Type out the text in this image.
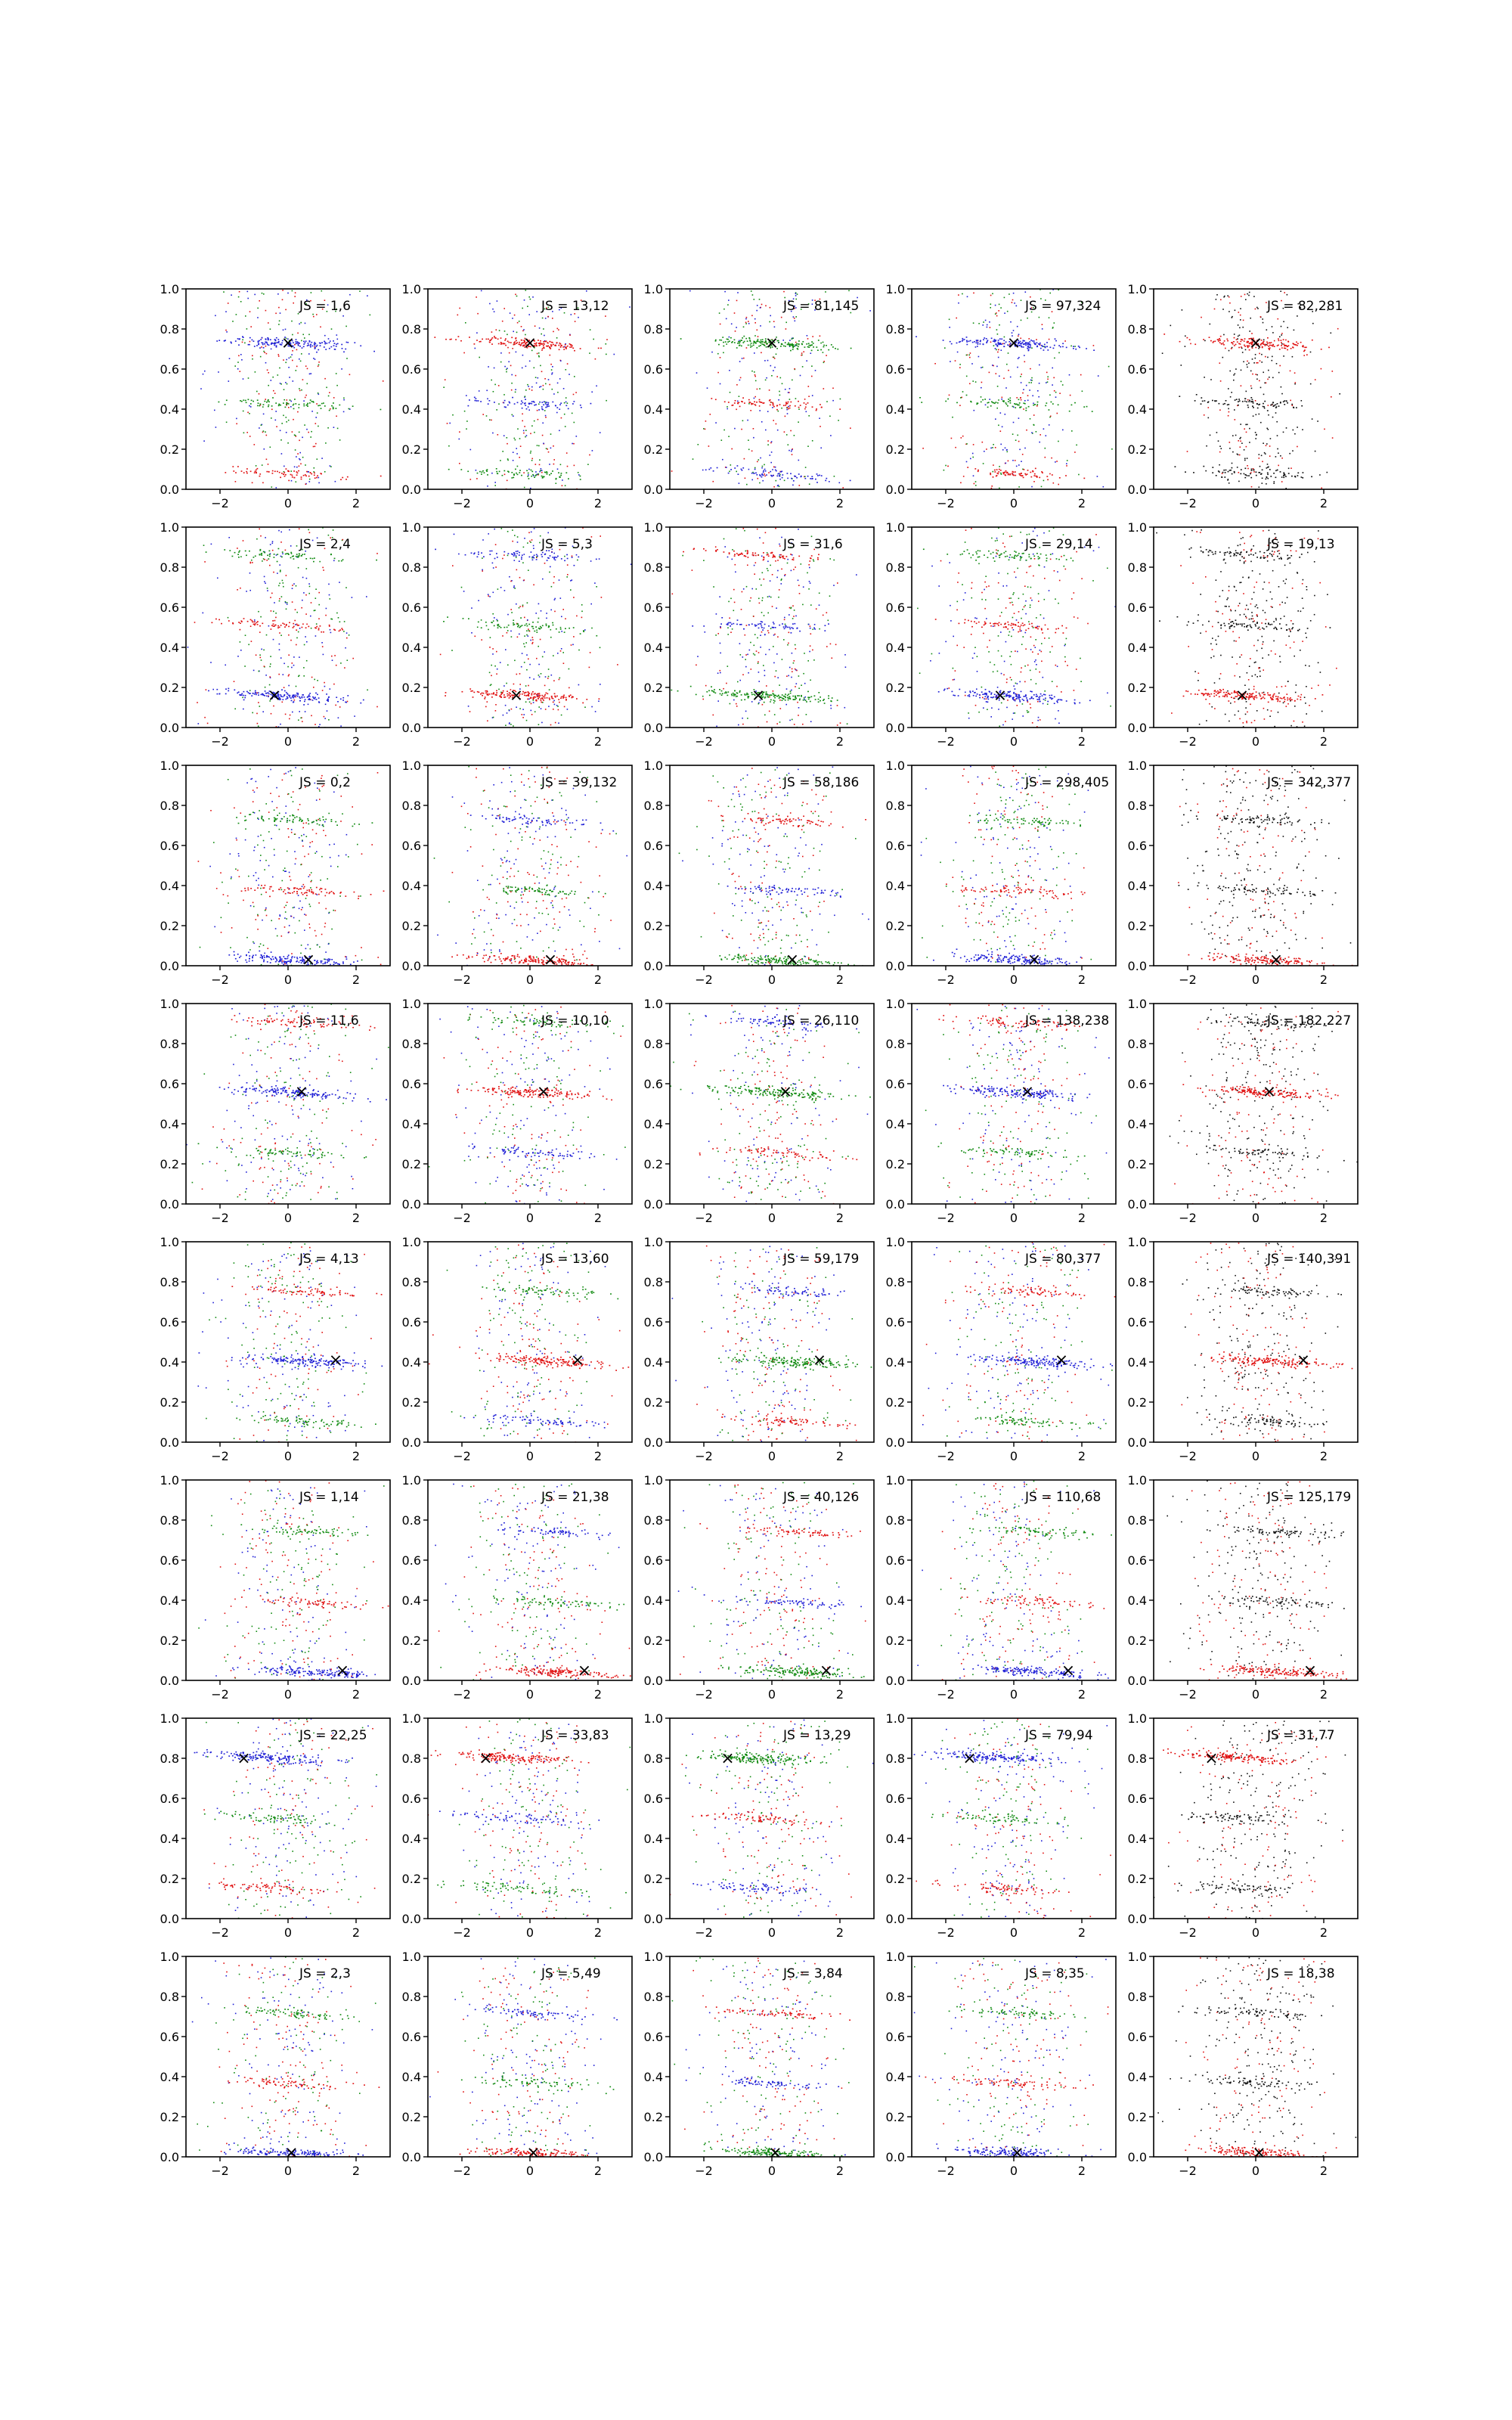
×
−2	0	2
0.0
0.2
0.4
0.6
0.8
1.0
JS = 1,6
×
−2	0	2
0.0
0.2
0.4
0.6
0.8
1.0
JS = 13,12
×
−2	0	2
0.0
0.2
0.4
0.6
0.8
1.0
JS = 81,145
×
−2	0	2
0.0
0.2
0.4
0.6
0.8
1.0
JS = 97,324
×
−2	0	2
0.0
0.2
0.4
0.6
0.8
1.0
JS = 82,281
×
−2	0	2
0.0
0.2
0.4
0.6
0.8
1.0
JS = 2,4
×
−2	0	2
0.0
0.2
0.4
0.6
0.8
1.0
JS = 5,3
×
−2	0	2
0.0
0.2
0.4
0.6
0.8
1.0
JS = 31,6
×
−2	0	2
0.0
0.2
0.4
0.6
0.8
1.0
JS = 29,14
×
−2	0	2
0.0
0.2
0.4
0.6
0.8
1.0
JS = 19,13
×
−2	0	2
0.0
0.2
0.4
0.6
0.8
1.0
JS = 0,2
×
−2	0	2
0.0
0.2
0.4
0.6
0.8
1.0
JS = 39,132
×
−2	0	2
0.0
0.2
0.4
0.6
0.8
1.0
JS = 58,186
×
−2	0	2
0.0
0.2
0.4
0.6
0.8
1.0
JS = 298,405
×
−2	0	2
0.0
0.2
0.4
0.6
0.8
1.0
JS = 342,377
×
−2	0	2
0.0
0.2
0.4
0.6
0.8
1.0
JS = 11,6
×
−2	0	2
0.0
0.2
0.4
0.6
0.8
1.0
JS = 10,10
×
−2	0	2
0.0
0.2
0.4
0.6
0.8
1.0
JS = 26,110
×
−2	0	2
0.0
0.2
0.4
0.6
0.8
1.0
JS = 138,238
×
−2	0	2
0.0
0.2
0.4
0.6
0.8
1.0
JS = 182,227
×
−2	0	2
0.0
0.2
0.4
0.6
0.8
1.0
JS = 4,13
×
−2	0	2
0.0
0.2
0.4
0.6
0.8
1.0
JS = 13,60
×
−2	0	2
0.0
0.2
0.4
0.6
0.8
1.0
JS = 59,179
×
−2	0	2
0.0
0.2
0.4
0.6
0.8
1.0
JS = 80,377
×
−2	0	2
0.0
0.2
0.4
0.6
0.8
1.0
JS = 140,391
×
−2	0	2
0.0
0.2
0.4
0.6
0.8
1.0
JS = 1,14
×
−2	0	2
0.0
0.2
0.4
0.6
0.8
1.0
JS = 21,38
×
−2	0	2
0.0
0.2
0.4
0.6
0.8
1.0
JS = 40,126
×
−2	0	2
0.0
0.2
0.4
0.6
0.8
1.0
JS = 110,68
×
−2	0	2
0.0
0.2
0.4
0.6
0.8
1.0
JS = 125,179
×
−2	0	2
0.0
0.2
0.4
0.6
0.8
1.0
JS = 22,25
×
−2	0	2
0.0
0.2
0.4
0.6
0.8
1.0
JS = 33,83
×
−2	0	2
0.0
0.2
0.4
0.6
0.8
1.0
JS = 13,29
×
−2	0	2
0.0
0.2
0.4
0.6
0.8
1.0
JS = 79,94
×
−2	0	2
0.0
0.2
0.4
0.6
0.8
1.0
JS = 31,77
×
−2	0	2
0.0
0.2
0.4
0.6
0.8
1.0
JS = 2,3
×
−2	0	2
0.0
0.2
0.4
0.6
0.8
1.0
JS = 5,49
×
−2	0	2
0.0
0.2
0.4
0.6
0.8
1.0
JS = 3,84
×
−2	0	2
0.0
0.2
0.4
0.6
0.8
1.0
JS = 8,35
×
−2	0	2
0.0
0.2
0.4
0.6
0.8
1.0
JS = 18,38
